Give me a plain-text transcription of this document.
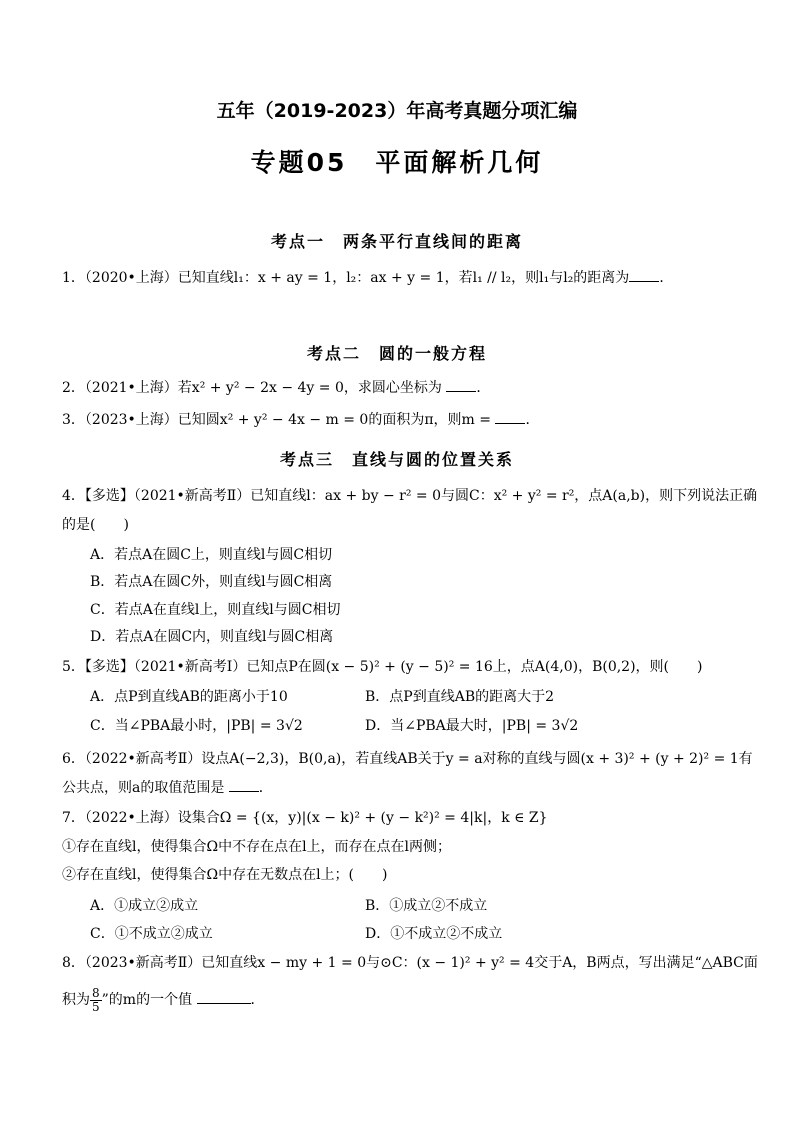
五年（2019-2023）年高考真题分项汇编
专题05　平面解析几何
考点一　两条平行直线间的距离
1．（2020•上海）已知直线l₁：x + ay = 1，l₂：ax + y = 1，若l₁ // l₂，则l₁与l₂的距离为 ．
考点二　圆的一般方程
2．（2021•上海）若x² + y² − 2x − 4y = 0，求圆心坐标为 ．
3．（2023•上海）已知圆x² + y² − 4x − m = 0的面积为π，则m = ．
考点三　直线与圆的位置关系
4．【多选】（2021•新高考Ⅱ）已知直线l：ax + by − r² = 0与圆C：x² + y² = r²，点A(a,b)，则下列说法正确
的是(　　)
A．若点A在圆C上，则直线l与圆C相切
B．若点A在圆C外，则直线l与圆C相离
C．若点A在直线l上，则直线l与圆C相切
D．若点A在圆C内，则直线l与圆C相离
5．【多选】（2021•新高考Ⅰ）已知点P在圆(x − 5)² + (y − 5)² = 16上，点A(4,0)，B(0,2)，则(　　)
A．点P到直线AB的距离小于10	B．点P到直线AB的距离大于2
C．当∠PBA最小时，|PB| = 3√2	D．当∠PBA最大时，|PB| = 3√2
6．（2022•新高考Ⅱ）设点A(−2,3)，B(0,a)，若直线AB关于y = a对称的直线与圆(x + 3)² + (y + 2)² = 1有
公共点，则a的取值范围是 ．
7．（2022•上海）设集合Ω = {(x，y)|(x − k)² + (y − k²)² = 4|k|，k ∈ Z}
①存在直线l，使得集合Ω中不存在点在l上，而存在点在l两侧；
②存在直线l，使得集合Ω中存在无数点在l上；(　　)
A．①成立②成立	B．①成立②不成立
C．①不成立②成立	D．①不成立②不成立
8．（2023•新高考Ⅱ）已知直线x − my + 1 = 0与⊙C：(x − 1)² + y² = 4交于A，B两点，写出满足“△ABC面
积为 $\frac{8}{5}$ ”的m的一个值	．
